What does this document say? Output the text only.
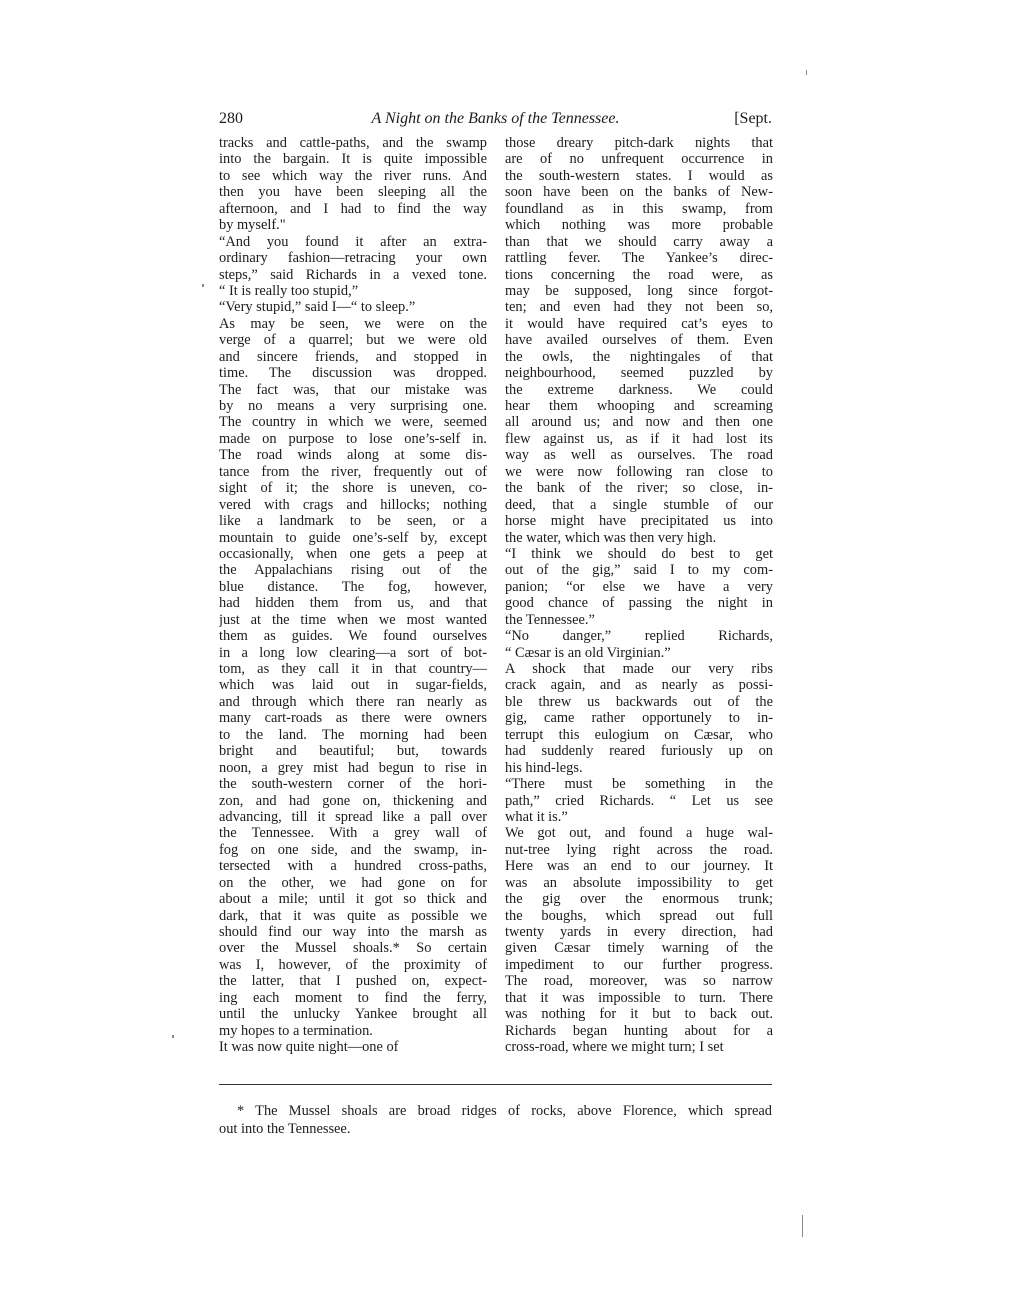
280	A Night on the Banks of the Tennessee.	[Sept.
tracks and cattle-paths, and the swamp
into the bargain. It is quite impossible
to see which way the river runs. And
then you have been sleeping all the
afternoon, and I had to find the way
by myself."
“And you found it after an extra-
ordinary fashion—retracing your own
steps,” said Richards in a vexed tone.
“ It is really too stupid,”
“Very stupid,” said I—“ to sleep.”
As may be seen, we were on the
verge of a quarrel; but we were old
and sincere friends, and stopped in
time. The discussion was dropped.
The fact was, that our mistake was
by no means a very surprising one.
The country in which we were, seemed
made on purpose to lose one’s-self in.
The road winds along at some dis-
tance from the river, frequently out of
sight of it; the shore is uneven, co-
vered with crags and hillocks; nothing
like a landmark to be seen, or a
mountain to guide one’s-self by, except
occasionally, when one gets a peep at
the Appalachians rising out of the
blue distance. The fog, however,
had hidden them from us, and that
just at the time when we most wanted
them as guides. We found ourselves
in a long low clearing—a sort of bot-
tom, as they call it in that country—
which was laid out in sugar-fields,
and through which there ran nearly as
many cart-roads as there were owners
to the land. The morning had been
bright and beautiful; but, towards
noon, a grey mist had begun to rise in
the south-western corner of the hori-
zon, and had gone on, thickening and
advancing, till it spread like a pall over
the Tennessee. With a grey wall of
fog on one side, and the swamp, in-
tersected with a hundred cross-paths,
on the other, we had gone on for
about a mile; until it got so thick and
dark, that it was quite as possible we
should find our way into the marsh as
over the Mussel shoals.* So certain
was I, however, of the proximity of
the latter, that I pushed on, expect-
ing each moment to find the ferry,
until the unlucky Yankee brought all
my hopes to a termination.
It was now quite night—one of
those dreary pitch-dark nights that
are of no unfrequent occurrence in
the south-western states. I would as
soon have been on the banks of New-
foundland as in this swamp, from
which nothing was more probable
than that we should carry away a
rattling fever. The Yankee’s direc-
tions concerning the road were, as
may be supposed, long since forgot-
ten; and even had they not been so,
it would have required cat’s eyes to
have availed ourselves of them. Even
the owls, the nightingales of that
neighbourhood, seemed puzzled by
the extreme darkness. We could
hear them whooping and screaming
all around us; and now and then one
flew against us, as if it had lost its
way as well as ourselves. The road
we were now following ran close to
the bank of the river; so close, in-
deed, that a single stumble of our
horse might have precipitated us into
the water, which was then very high.
“I think we should do best to get
out of the gig,” said I to my com-
panion; “or else we have a very
good chance of passing the night in
the Tennessee.”
“No danger,” replied Richards,
“ Cæsar is an old Virginian.”
A shock that made our very ribs
crack again, and as nearly as possi-
ble threw us backwards out of the
gig, came rather opportunely to in-
terrupt this eulogium on Cæsar, who
had suddenly reared furiously up on
his hind-legs.
“There must be something in the
path,” cried Richards. “ Let us see
what it is.”
We got out, and found a huge wal-
nut-tree lying right across the road.
Here was an end to our journey. It
was an absolute impossibility to get
the gig over the enormous trunk;
the boughs, which spread out full
twenty yards in every direction, had
given Cæsar timely warning of the
impediment to our further progress.
The road, moreover, was so narrow
that it was impossible to turn. There
was nothing for it but to back out.
Richards began hunting about for a
cross-road, where we might turn; I set
* The Mussel shoals are broad ridges of rocks, above Florence, which spread
out into the Tennessee.
